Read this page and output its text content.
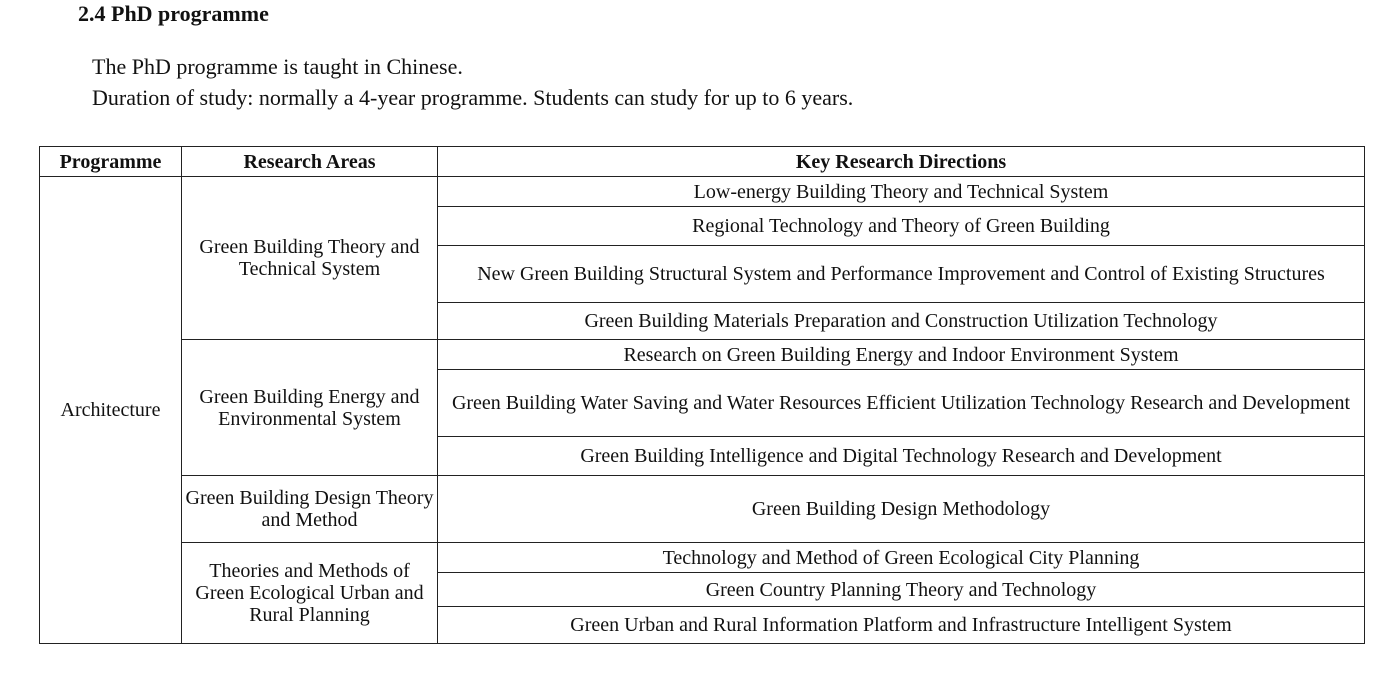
2.4 PhD programme
The PhD programme is taught in Chinese.
Duration of study: normally a 4-year programme. Students can study for up to 6 years.
Programme	Research Areas	Key Research Directions
Architecture	Green Building Theory and Technical System	Low-energy Building Theory and Technical System
		Regional Technology and Theory of Green Building
		New Green Building Structural System and Performance Improvement and Control of Existing Structures
		Green Building Materials Preparation and Construction Utilization Technology
	Green Building Energy and Environmental System	Research on Green Building Energy and Indoor Environment System
		Green Building Water Saving and Water Resources Efficient Utilization Technology Research and Development
		Green Building Intelligence and Digital Technology Research and Development
	Green Building Design Theory and Method	Green Building Design Methodology
	Theories and Methods of Green Ecological Urban and Rural Planning	Technology and Method of Green Ecological City Planning
		Green Country Planning Theory and Technology
		Green Urban and Rural Information Platform and Infrastructure Intelligent System
